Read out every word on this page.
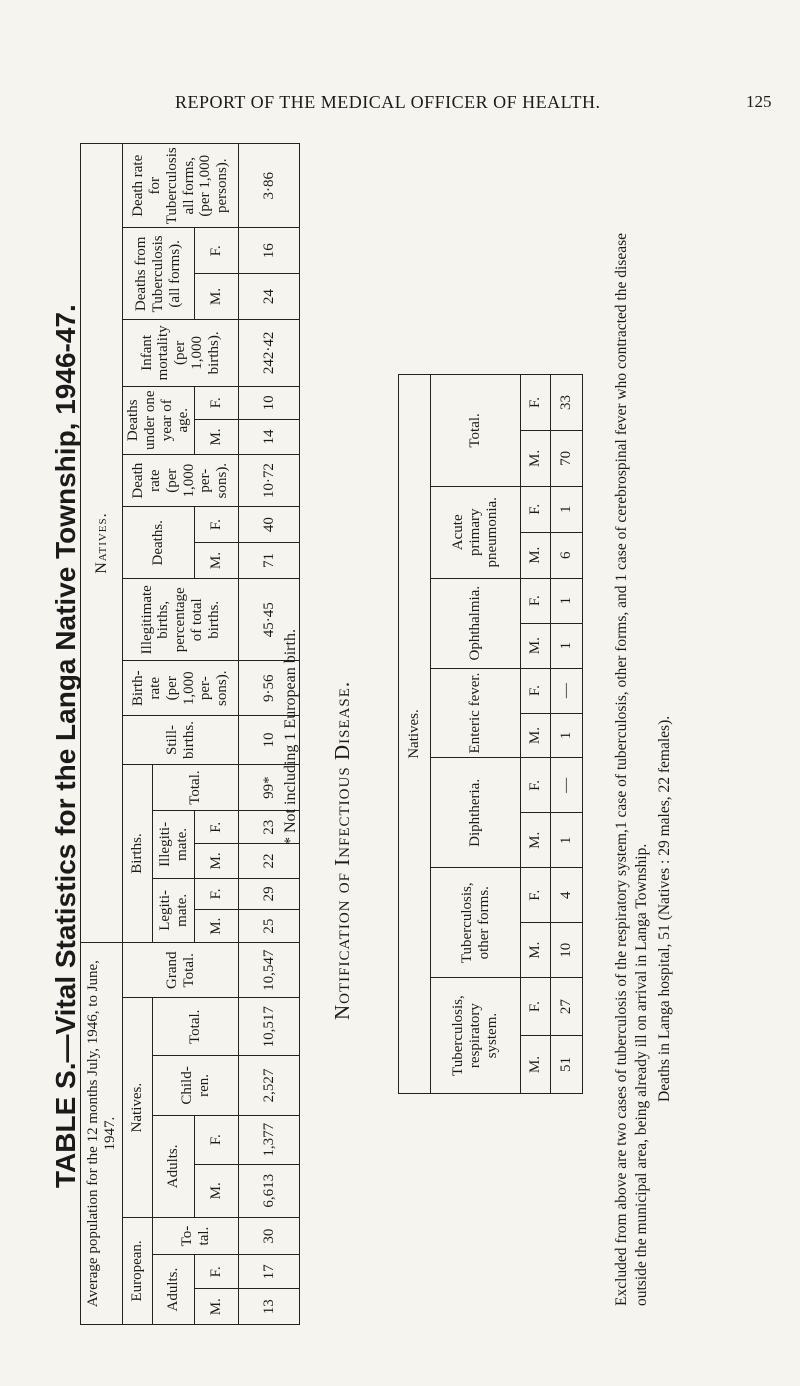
REPORT OF THE MEDICAL OFFICER OF HEALTH.	125
TABLE S.—Vital Statistics for the Langa Native Township, 1946-47. Average population for the 12 months July, 1946, to June, 1947.								Natives.																
European.			Natives.				Grand Total.	Births.					Still-births.	Birth-rate (per 1,000 per-sons).	Illegitimate births, percentage of total births.	Deaths.		Death rate (per 1,000 per-sons).	Deaths under one year of age.		Infant mortality (per 1,000 births).	Deaths from Tuberculosis (all forms).		Death rate for Tuberculosis all forms, (per 1,000 persons).
Adults.		To-tal.	Adults.		Child-ren.	Total.		Legiti-mate.		Illegiti-mate.		Total.												
M.	F.		M.	F.				M.	F.	M.	F.					M.	F.		M.	F.		M.	F.	
13	17	30	6,613	1,377	2,527	10,517	10,547	25	29	22	23	99*	10	9·56	45·45	71	40	10·72	14	10	242·42	24	16	3·86
* Not including 1 European birth. Notification of Infectious Disease.	Natives.													
Tuberculosis, respiratory system.		Tuberculosis, other forms.		Diphtheria.		Enteric fever.		Ophthalmia.		Acute primary pneumonia.		Total.	
M.	F.	M.	F.	M.	F.	M.	F.	M.	F.	M.	F.	M.	F.
51	27	10	4	1	—	1	—	1	1	6	1	70	33	Excluded from above are two cases of tuberculosis of the respiratory system,1 case of tuberculosis, other forms, and 1 case of cerebrospinal fever who contracted the disease outside the municipal area, being already ill on arrival in Langa Township. Deaths in Langa hospital, 51 (Natives : 29 males, 22 females).
